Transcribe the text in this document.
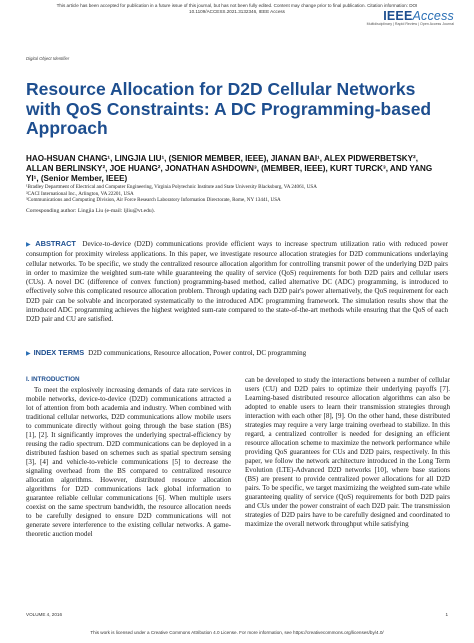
This article has been accepted for publication in a future issue of this journal, but has not been fully edited. Content may change prior to final publication. Citation information: DOI
10.1109/ACCESS.2021.3132346, IEEE Access	IEEEAccess
Multidisciplinary | Rapid Review | Open Access Journal
Digital Object Identifier
Resource Allocation for D2D Cellular Networks with QoS Constraints: A DC Programming-based Approach
HAO-HSUAN CHANG¹, LINGJIA LIU¹, (SENIOR MEMBER, IEEE), JIANAN BAI¹, ALEX PIDWERBETSKY², ALLAN BERLINSKY², JOE HUANG², JONATHAN ASHDOWN³, (MEMBER, IEEE), KURT TURCK³, AND YANG YI¹, (Senior Member, IEEE)
¹Bradley Department of Electrical and Computer Engineering, Virginia Polytechnic Institute and State University Blacksburg, VA 24061, USA
²CACI International Inc., Arlington, VA 22201, USA
³Communications and Computing Division, Air Force Research Laboratory Information Directorate, Rome, NY 13441, USA
Corresponding author: Lingjia Liu (e-mail: ljliu@vt.edu).
▶ ABSTRACT Device-to-device (D2D) communications provide efficient ways to increase spectrum utilization ratio with reduced power consumption for proximity wireless applications. In this paper, we investigate resource allocation strategies for D2D communications underlaying cellular networks. To be specific, we study the centralized resource allocation algorithm for controlling transmit power of the underlying D2D pairs in order to maximize the weighted sum-rate while guaranteeing the quality of service (QoS) requirements for both D2D pairs and cellular users (CUs). A novel DC (difference of convex function) programming-based method, called alternative DC (ADC) programming, is introduced to effectively solve this complicated resource allocation problem. Through updating each D2D pair's power alternatively, the QoS requirement for each D2D pair can be solvable and incorporated systematically to the introduced ADC programming framework. The simulation results show that the introduced ADC programming achieves the highest weighted sum-rate compared to the state-of-the-art methods while ensuring that the QoS of each D2D pair and CU are satisfied.
▶ INDEX TERMS D2D communications, Resource allocation, Power control, DC programming
I. INTRODUCTION
To meet the explosively increasing demands of data rate services in mobile networks, device-to-device (D2D) communications attracted a lot of attention from both academia and industry. When combined with traditional cellular networks, D2D communications allow mobile users to communicate directly without going through the base station (BS) [1], [2]. It significantly improves the underlying spectral-efficiency by reusing the radio spectrum. D2D communications can be deployed in a distributed fashion based on schemes such as spatial spectrum sensing [3], [4] and vehicle-to-vehicle communications [5] to decrease the signaling overhead from the BS compared to centralized resource allocation algorithms. However, distributed resource allocation algorithms for D2D communications lack global information to guarantee reliable cellular communications [6]. When multiple users coexist on the same spectrum bandwidth, the resource allocation needs to be carefully designed to ensure D2D communications will not generate severe interference to the existing cellular networks. A game-theoretic auction model
can be developed to study the interactions between a number of cellular users (CU) and D2D pairs to optimize their underlying payoffs [7]. Learning-based distributed resource allocation algorithms can also be adopted to enable users to learn their transmission strategies through interaction with each other [8], [9]. On the other hand, these distributed strategies may require a very large training overhead to stabilize. In this regard, a centralized controller is needed for designing an efficient resource allocation scheme to maximize the network performance while providing QoS guarantees for CUs and D2D pairs, respectively. In this paper, we follow the network architecture introduced in the Long Term Evolution (LTE)-Advanced D2D networks [10], where base stations (BS) are present to provide centralized power allocations for all D2D pairs. To be specific, we target maximizing the weighted sum-rate while guaranteeing quality of service (QoS) requirements for both D2D pairs and CUs under the power constraint of each D2D pair. The transmission strategies of D2D pairs have to be carefully designed and coordinated to maximize the overall network throughput while satisfying
VOLUME 4, 2016	1
This work is licensed under a Creative Commons Attribution 4.0 License. For more information, see https://creativecommons.org/licenses/by/4.0/
